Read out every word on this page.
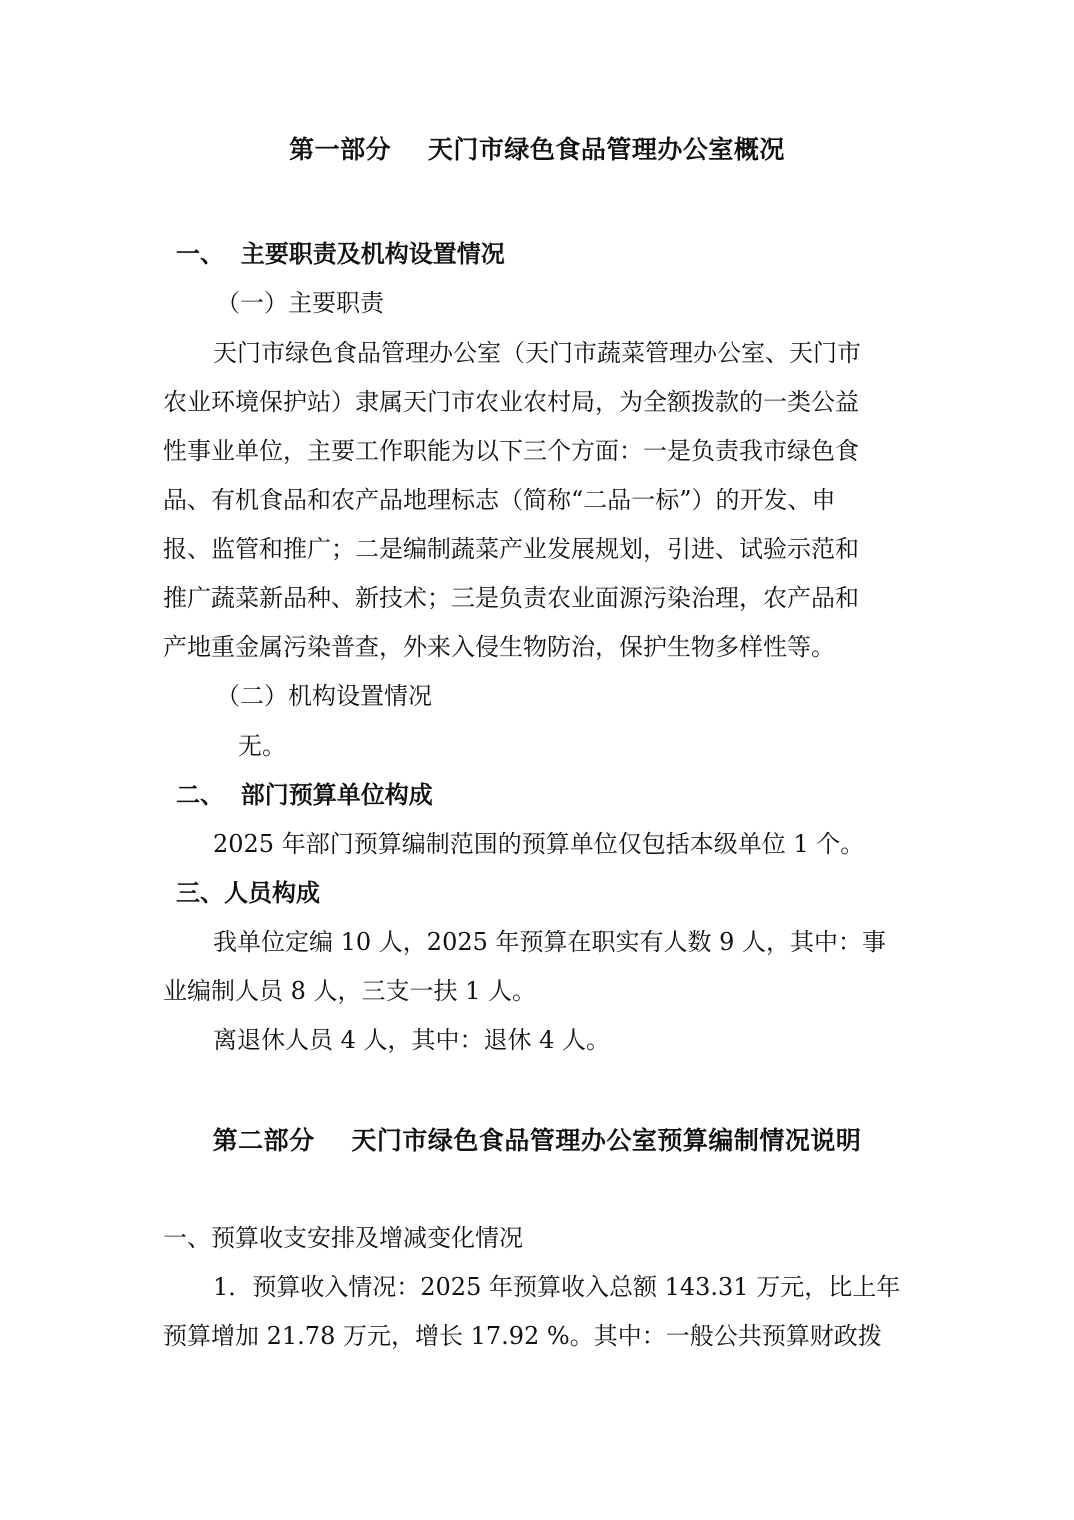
第一部分    天门市绿色食品管理办公室概况
一、  主要职责及机构设置情况
（一）主要职责
天门市绿色食品管理办公室（天门市蔬菜管理办公室、天门市
农业环境保护站）隶属天门市农业农村局，为全额拨款的一类公益
性事业单位，主要工作职能为以下三个方面：一是负责我市绿色食
品、有机食品和农产品地理标志（简称“二品一标”）的开发、申
报、监管和推广；二是编制蔬菜产业发展规划，引进、试验示范和
推广蔬菜新品种、新技术；三是负责农业面源污染治理，农产品和
产地重金属污染普查，外来入侵生物防治，保护生物多样性等。
（二）机构设置情况
无。
二、  部门预算单位构成
2025 年部门预算编制范围的预算单位仅包括本级单位 1 个。
三、人员构成
我单位定编 10 人，2025 年预算在职实有人数 9 人，其中：事
业编制人员 8 人，三支一扶 1 人。
离退休人员 4 人，其中：退休 4 人。
第二部分    天门市绿色食品管理办公室预算编制情况说明
一、预算收支安排及增减变化情况
1．预算收入情况：2025 年预算收入总额 143.31 万元，比上年
预算增加 21.78 万元，增长 17.92 %。其中：一般公共预算财政拨
